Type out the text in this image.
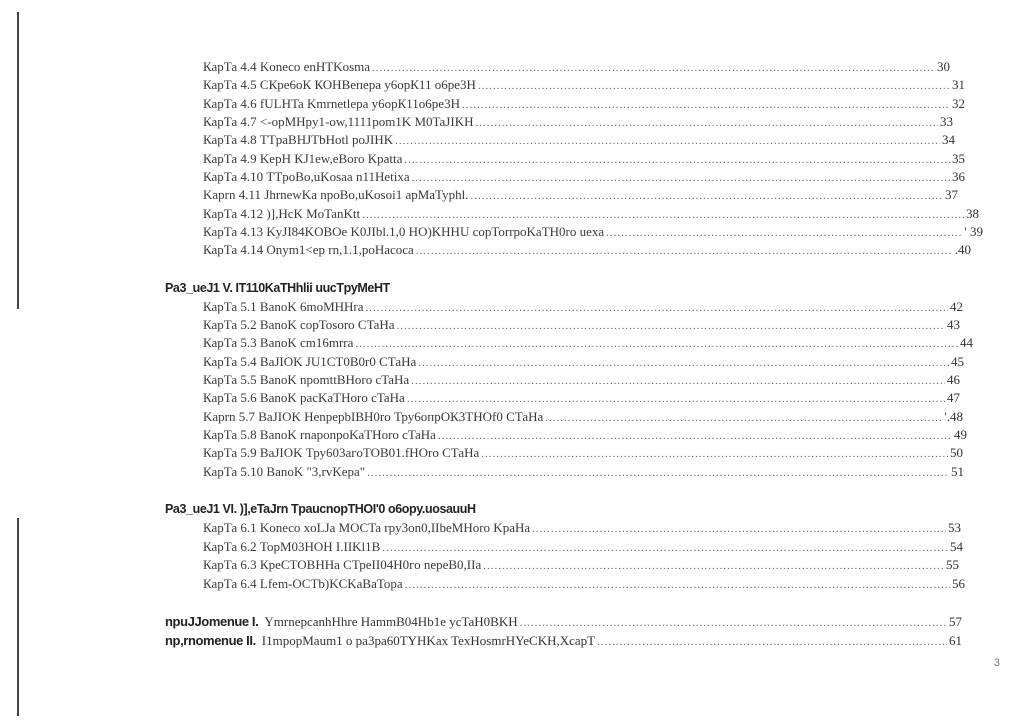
КарТа 4.4 Koneco enHTKosma .....	30
КарТа 4.5 СКре6оК КОНВепера у6орК11 о6ре3Н .....	31
КарТа 4.6 fULHTa Kmrnetlepa у6орК11о6ре3Н .....	32
КарТа 4.7 <-opMHpy1-ow,1111pom1K M0TaJIKH .....	33
КарТа 4.8 TTpaBHJTbHotl poJIHK .....	34
КарТа 4.9 KepH KJ1ew,eBoro Kpatta .....	35
КарТа 4.10 TTpoBo,uKosaa n11Hetixa .....	36
Kaprn 4.11 JhrnewKa npoBo,uKosoi1 apMaTyphl. .....	37
КарТа 4.12 )],HcK MoTanKtt .....	38
КарТа 4.13 KyJI84KOBOe K0JIbl.1,0 HO)KHHU copTorrpoKaTH0ro uexa .....	' 39
КарТа 4.14 Onym1<ep rn,1.1,poHacoca .....	.40
Pa3_ueJ1 V. IT110KaTHhlii uucTpyMeHT
КарТа 5.1 BanoK 6moMHHra .....	42
КарТа 5.2 BanoK copTosoro CTaHa .....	43
КарТа 5.3 BanoK cm16mrra .....	44
КарТа 5.4 BaJIOK JU1CT0B0r0 СТаНа .....	45
КарТа 5.5 BanoK npomttBHoro cTaHa .....	46
КарТа 5.6 BanoK pacKaTHoro cTaHa .....	47
Kaprn 5.7 BaJIOK HenpepbIBH0ro Тру6опрОК3ТНОf0 СТаНа .....	'.48
КарТа 5.8 BanoK rnaponpoKaTHoro cTaHa .....	49
КарТа 5.9 BaJIOK Тру603агоТОВ01.fHOro СТаНа .....	50
КарТа 5.10 BanoK "3,rvKepa" .....	51
Pa3_ueJ1 VI. )],eTaJrn TpaucnopTHOI'0 o6opy.uosauuH
КарТа 6.1 Koneco xoLJa MOCTa rpy3on0,IIbeMHoro KpaHa .....	53
КарТа 6.2 TopM03HOH I.IIKl1B .....	54
КарТа 6.3 КреСТОВННа СТреII04Н0го nepeB0,IIa .....	55
КарТа 6.4 Lfem-OCTb)KCKaBaTopa .....	56
npuJJomenue I. YmrnepcanhHhre HammB04Hb1e ycTaH0BKH .....	57
np,rnomenue II. I1mpopMaum1 o pa3pa60TYHKax TexHosmrHYeCKH,XcapT .....	61
3
